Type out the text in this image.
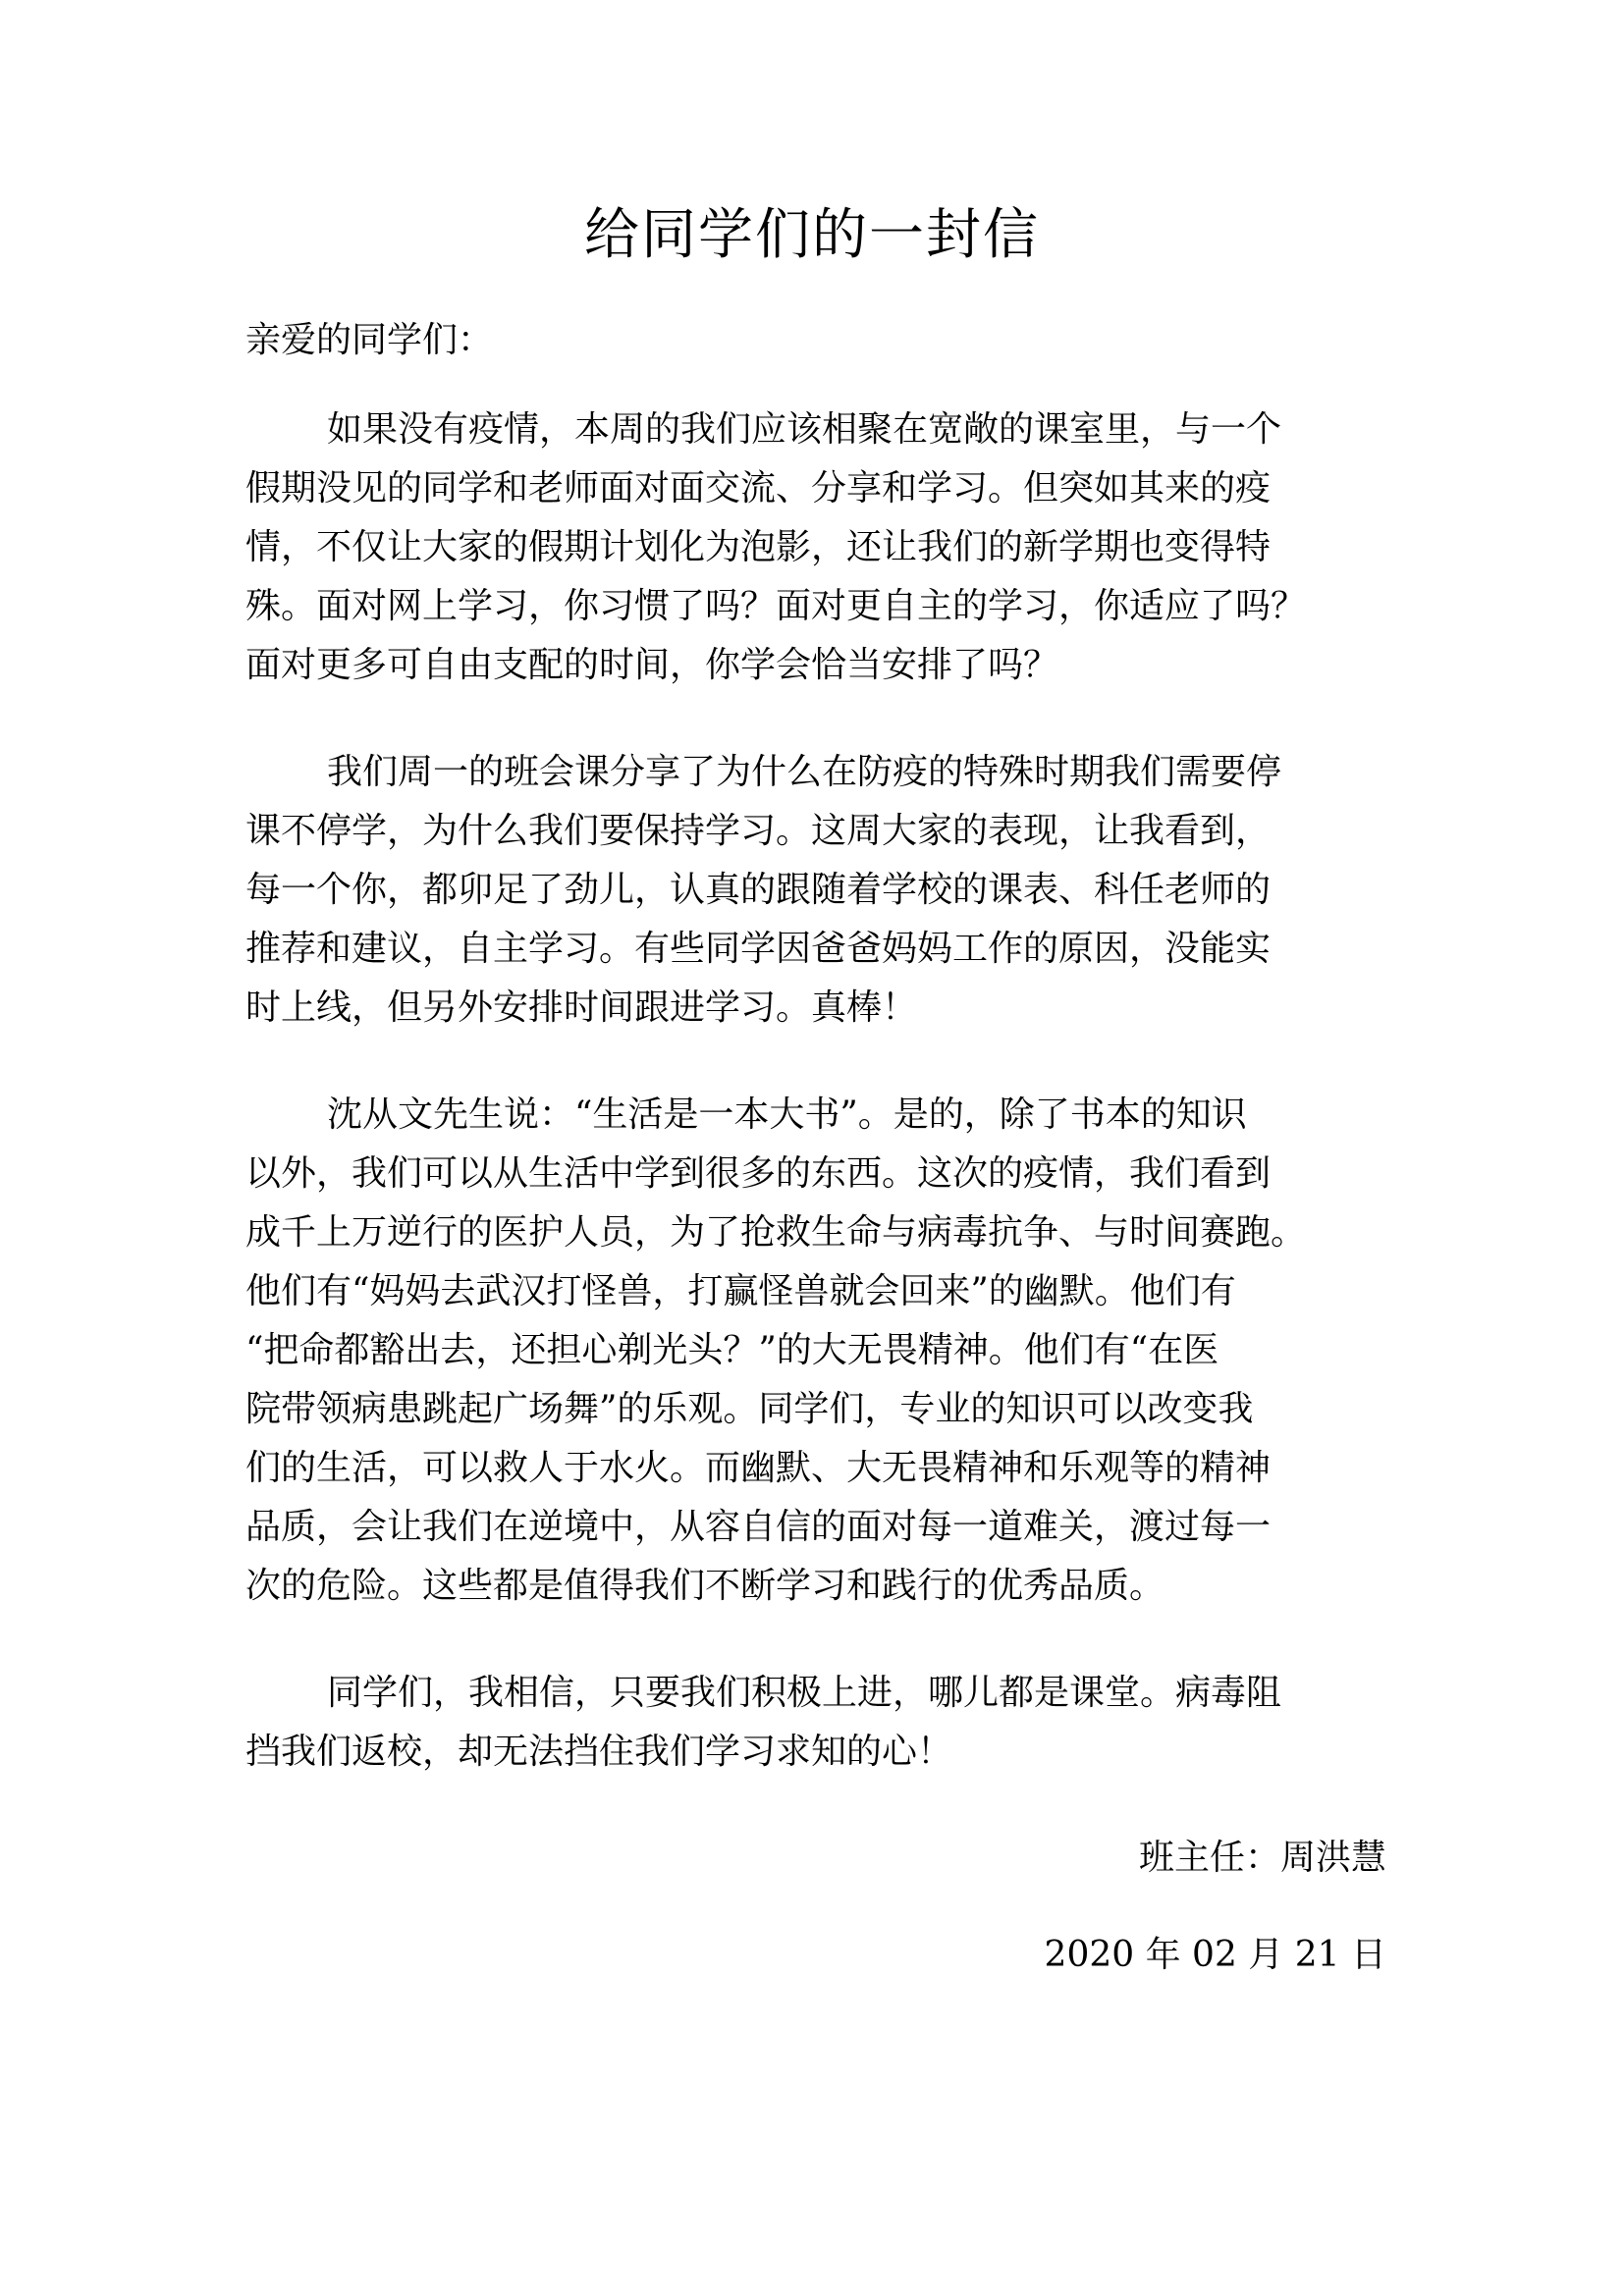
给同学们的一封信

亲爱的同学们：

如果没有疫情，本周的我们应该相聚在宽敞的课室里，与一个

假期没见的同学和老师面对面交流、分享和学习。但突如其来的疫

情，不仅让大家的假期计划化为泡影，还让我们的新学期也变得特

殊。面对网上学习，你习惯了吗？面对更自主的学习，你适应了吗？

面对更多可自由支配的时间，你学会恰当安排了吗？

我们周一的班会课分享了为什么在防疫的特殊时期我们需要停

课不停学，为什么我们要保持学习。这周大家的表现，让我看到，

每一个你，都卯足了劲儿，认真的跟随着学校的课表、科任老师的

推荐和建议，自主学习。有些同学因爸爸妈妈工作的原因，没能实

时上线，但另外安排时间跟进学习。真棒！

沈从文先生说：“生活是一本大书”。是的，除了书本的知识

以外，我们可以从生活中学到很多的东西。这次的疫情，我们看到

成千上万逆行的医护人员，为了抢救生命与病毒抗争、与时间赛跑。

他们有“妈妈去武汉打怪兽，打赢怪兽就会回来”的幽默。他们有

“把命都豁出去，还担心剃光头？”的大无畏精神。他们有“在医

院带领病患跳起广场舞”的乐观。同学们，专业的知识可以改变我

们的生活，可以救人于水火。而幽默、大无畏精神和乐观等的精神

品质，会让我们在逆境中，从容自信的面对每一道难关，渡过每一

次的危险。这些都是值得我们不断学习和践行的优秀品质。

同学们，我相信，只要我们积极上进，哪儿都是课堂。病毒阻

挡我们返校，却无法挡住我们学习求知的心！

班主任：周洪慧

2020 年 02 月 21 日
